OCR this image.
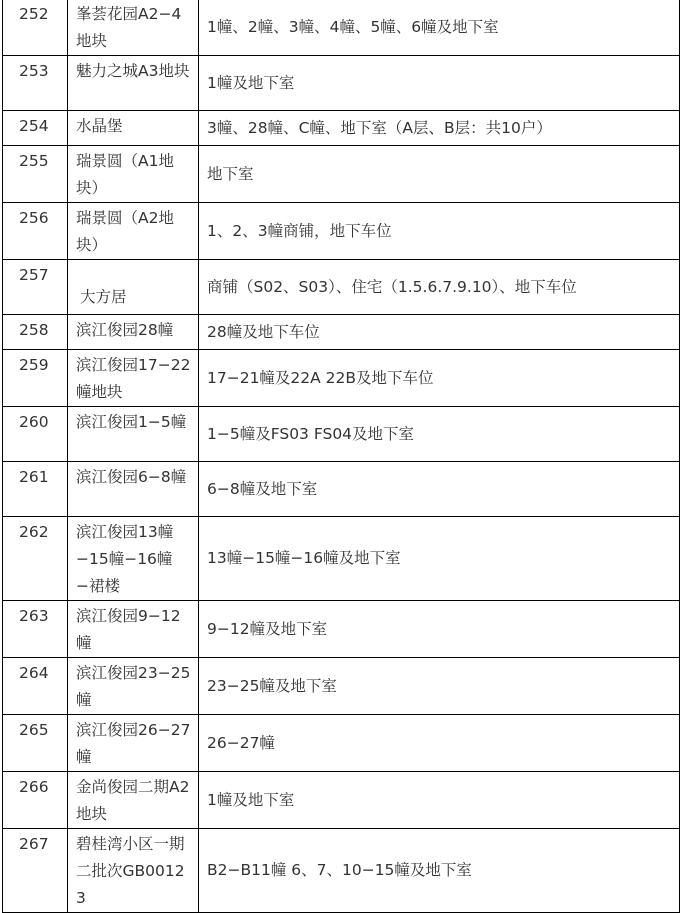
252	峯荟花园A2−4地块	1幢、2幢、3幢、4幢、5幢、6幢及地下室
253	魅力之城A3地块	1幢及地下室
254	水晶堡	3幢、28幢、C幢、地下室（A层、B层：共10户）
255	瑞景圆（A1地块）	地下室
256	瑞景圆（A2地块）	1、2、3幢商铺，地下车位
257	大方居	商铺（S02、S03）、住宅（1.5.6.7.9.10）、地下车位
258	滨江俊园28幢	28幢及地下车位
259	滨江俊园17−22幢地块	17−21幢及22A 22B及地下车位
260	滨江俊园1−5幢	1−5幢及FS03 FS04及地下室
261	滨江俊园6−8幢	6−8幢及地下室
262	滨江俊园13幢−15幢−16幢−裙楼	13幢−15幢−16幢及地下室
263	滨江俊园9−12幢	9−12幢及地下室
264	滨江俊园23−25幢	23−25幢及地下室
265	滨江俊园26−27幢	26−27幢
266	金尚俊园二期A2地块	1幢及地下室
267	碧桂湾小区一期二批次GB00123	B2−B11幢 6、7、10−15幢及地下室
